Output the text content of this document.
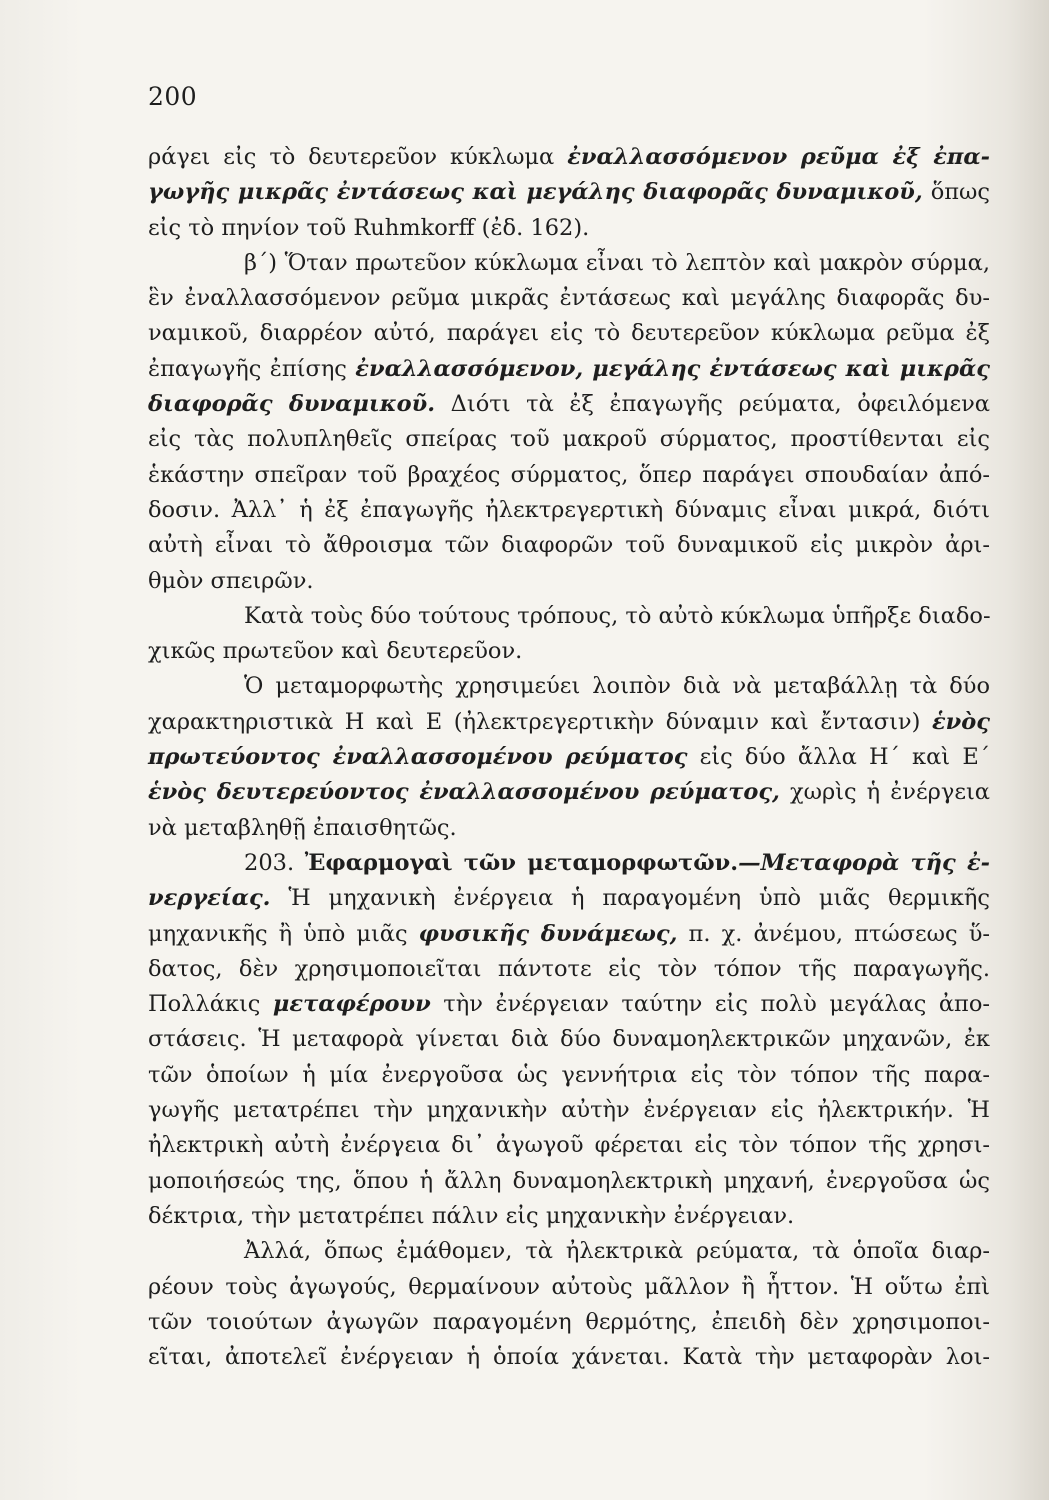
200
ράγει εἰς τὸ δευτερεῦον κύκλωμα ἐναλλασσόμενον ρεῦμα ἐξ ἐπα-
γωγῆς μικρᾶς ἐντάσεως καὶ μεγάλης διαφορᾶς δυναμικοῦ, ὅπως
εἰς τὸ πηνίον τοῦ Ruhmkorff (ἐδ. 162).
β΄) Ὅταν πρωτεῦον κύκλωμα εἶναι τὸ λεπτὸν καὶ μακρὸν σύρμα,
ἓν ἐναλλασσόμενον ρεῦμα μικρᾶς ἐντάσεως καὶ μεγάλης διαφορᾶς δυ-
ναμικοῦ, διαρρέον αὐτό, παράγει εἰς τὸ δευτερεῦον κύκλωμα ρεῦμα ἐξ
ἐπαγωγῆς ἐπίσης ἐναλλασσόμενον, μεγάλης ἐντάσεως καὶ μικρᾶς
διαφορᾶς δυναμικοῦ. Διότι τὰ ἐξ ἐπαγωγῆς ρεύματα, ὀφειλόμενα
εἰς τὰς πολυπληθεῖς σπείρας τοῦ μακροῦ σύρματος, προστίθενται εἰς
ἑκάστην σπεῖραν τοῦ βραχέος σύρματος, ὅπερ παράγει σπουδαίαν ἀπό-
δοσιν. Ἀλλ᾽ ἡ ἐξ ἐπαγωγῆς ἠλεκτρεγερτικὴ δύναμις εἶναι μικρά, διότι
αὐτὴ εἶναι τὸ ἄθροισμα τῶν διαφορῶν τοῦ δυναμικοῦ εἰς μικρὸν ἀρι-
θμὸν σπειρῶν.
Κατὰ τοὺς δύο τούτους τρόπους, τὸ αὐτὸ κύκλωμα ὑπῆρξε διαδο-
χικῶς πρωτεῦον καὶ δευτερεῦον.
Ὁ μεταμορφωτὴς χρησιμεύει λοιπὸν διὰ νὰ μεταβάλλῃ τὰ δύο
χαρακτηριστικὰ Η καὶ Ε (ἠλεκτρεγερτικὴν δύναμιν καὶ ἔντασιν) ἑνὸς
πρωτεύοντος ἐναλλασσομένου ρεύματος εἰς δύο ἄλλα Η΄ καὶ Ε΄
ἑνὸς δευτερεύοντος ἐναλλασσομένου ρεύματος, χωρὶς ἡ ἐνέργεια
νὰ μεταβληθῇ ἐπαισθητῶς.
203. Ἐφαρμογαὶ τῶν μεταμορφωτῶν.—Μεταφορὰ τῆς ἐ-
νεργείας. Ἡ μηχανικὴ ἐνέργεια ἡ παραγομένη ὑπὸ μιᾶς θερμικῆς
μηχανικῆς ἢ ὑπὸ μιᾶς φυσικῆς δυνάμεως, π. χ. ἀνέμου, πτώσεως ὕ-
δατος, δὲν χρησιμοποιεῖται πάντοτε εἰς τὸν τόπον τῆς παραγωγῆς.
Πολλάκις μεταφέρουν τὴν ἐνέργειαν ταύτην εἰς πολὺ μεγάλας ἀπο-
στάσεις. Ἡ μεταφορὰ γίνεται διὰ δύο δυναμοηλεκτρικῶν μηχανῶν, ἐκ
τῶν ὁποίων ἡ μία ἐνεργοῦσα ὡς γεννήτρια εἰς τὸν τόπον τῆς παρα-
γωγῆς μετατρέπει τὴν μηχανικὴν αὐτὴν ἐνέργειαν εἰς ἠλεκτρικήν. Ἡ
ἠλεκτρικὴ αὐτὴ ἐνέργεια δι᾽ ἀγωγοῦ φέρεται εἰς τὸν τόπον τῆς χρησι-
μοποιήσεώς της, ὅπου ἡ ἄλλη δυναμοηλεκτρικὴ μηχανή, ἐνεργοῦσα ὡς
δέκτρια, τὴν μετατρέπει πάλιν εἰς μηχανικὴν ἐνέργειαν.
Ἀλλά, ὅπως ἐμάθομεν, τὰ ἠλεκτρικὰ ρεύματα, τὰ ὁποῖα διαρ-
ρέουν τοὺς ἀγωγούς, θερμαίνουν αὐτοὺς μᾶλλον ἢ ἧττον. Ἡ οὕτω ἐπὶ
τῶν τοιούτων ἀγωγῶν παραγομένη θερμότης, ἐπειδὴ δὲν χρησιμοποι-
εῖται, ἀποτελεῖ ἐνέργειαν ἡ ὁποία χάνεται. Κατὰ τὴν μεταφορὰν λοι-
